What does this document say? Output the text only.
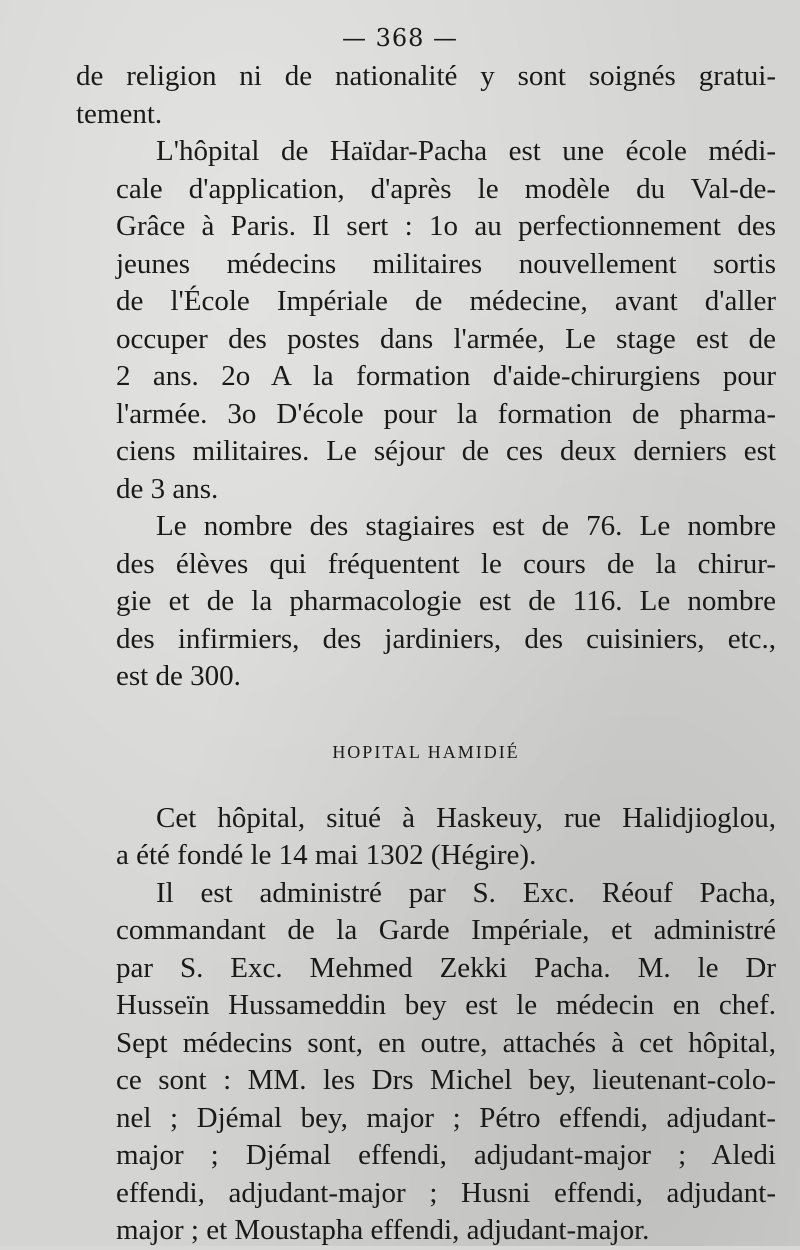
— 368 —
de religion ni de nationalité y sont soignés gratui-
tement.
L'hôpital de Haïdar-Pacha est une école médi-
cale d'application, d'après le modèle du Val-de-
Grâce à Paris. Il sert : 1o au perfectionnement des
jeunes médecins militaires nouvellement sortis
de l'École Impériale de médecine, avant d'aller
occuper des postes dans l'armée, Le stage est de
2 ans. 2o A la formation d'aide-chirurgiens pour
l'armée. 3o D'école pour la formation de pharma-
ciens militaires. Le séjour de ces deux derniers est
de 3 ans.
Le nombre des stagiaires est de 76. Le nombre
des élèves qui fréquentent le cours de la chirur-
gie et de la pharmacologie est de 116. Le nombre
des infirmiers, des jardiniers, des cuisiniers, etc.,
est de 300.
HOPITAL HAMIDIÉ
Cet hôpital, situé à Haskeuy, rue Halidjioglou,
a été fondé le 14 mai 1302 (Hégire).
Il est administré par S. Exc. Réouf Pacha,
commandant de la Garde Impériale, et administré
par S. Exc. Mehmed Zekki Pacha. M. le Dr
Husseïn Hussameddin bey est le médecin en chef.
Sept médecins sont, en outre, attachés à cet hôpital,
ce sont : MM. les Drs Michel bey, lieutenant-colo-
nel ; Djémal bey, major ; Pétro effendi, adjudant-
major ; Djémal effendi, adjudant-major ; Aledi
effendi, adjudant-major ; Husni effendi, adjudant-
major ; et Moustapha effendi, adjudant-major.
